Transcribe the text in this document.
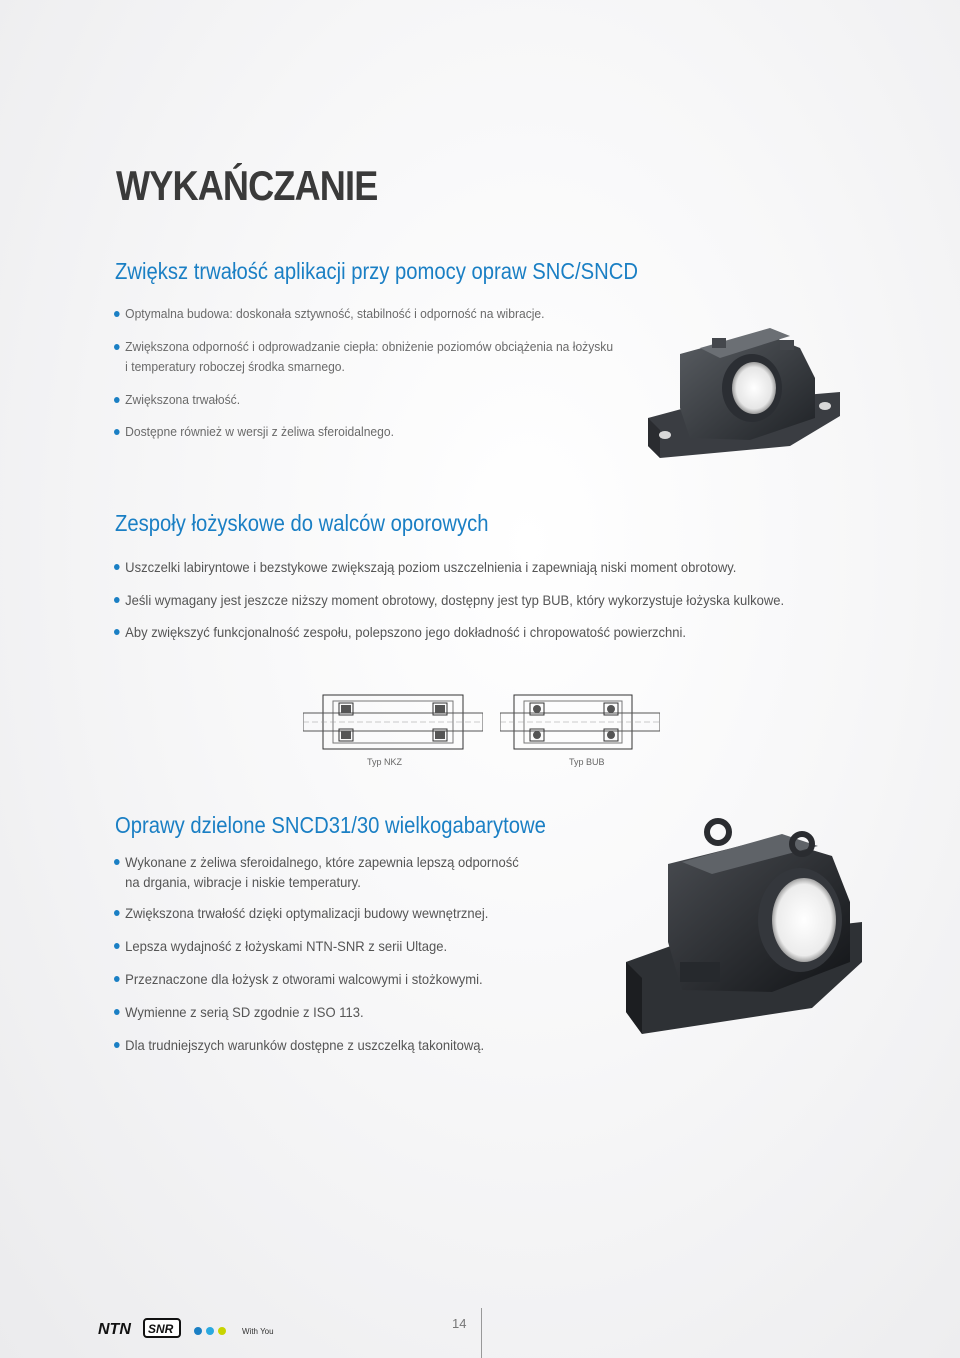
WYKAŃCZANIE
Zwiększ trwałość aplikacji przy pomocy opraw SNC/SNCD
Optymalna budowa: doskonała sztywność, stabilność i odporność na wibracje.
Zwiększona odporność i odprowadzanie ciepła: obniżenie poziomów obciążenia na łożysku
i temperatury roboczej środka smarnego.
Zwiększona trwałość.
Dostępne również w wersji z żeliwa sferoidalnego.
Zespoły łożyskowe do walców oporowych
Uszczelki labiryntowe i bezstykowe zwiększają poziom uszczelnienia i zapewniają niski moment obrotowy.
Jeśli wymagany jest jeszcze niższy moment obrotowy, dostępny jest typ BUB, który wykorzystuje łożyska kulkowe.
Aby zwiększyć funkcjonalność zespołu, polepszono jego dokładność i chropowatość powierzchni.
Typ NKZ	Typ BUB
Oprawy dzielone SNCD31/30 wielkogabarytowe
Wykonane z żeliwa sferoidalnego, które zapewnia lepszą odporność
na drgania, wibracje i niskie temperatury.
Zwiększona trwałość dzięki optymalizacji budowy wewnętrznej.
Lepsza wydajność z łożyskami NTN-SNR z serii Ultage.
Przeznaczone dla łożysk z otworami walcowymi i stożkowymi.
Wymienne z serią SD zgodnie z ISO 113.
Dla trudniejszych warunków dostępne z uszczelką takonitową.
NTN SNR	With You
14
